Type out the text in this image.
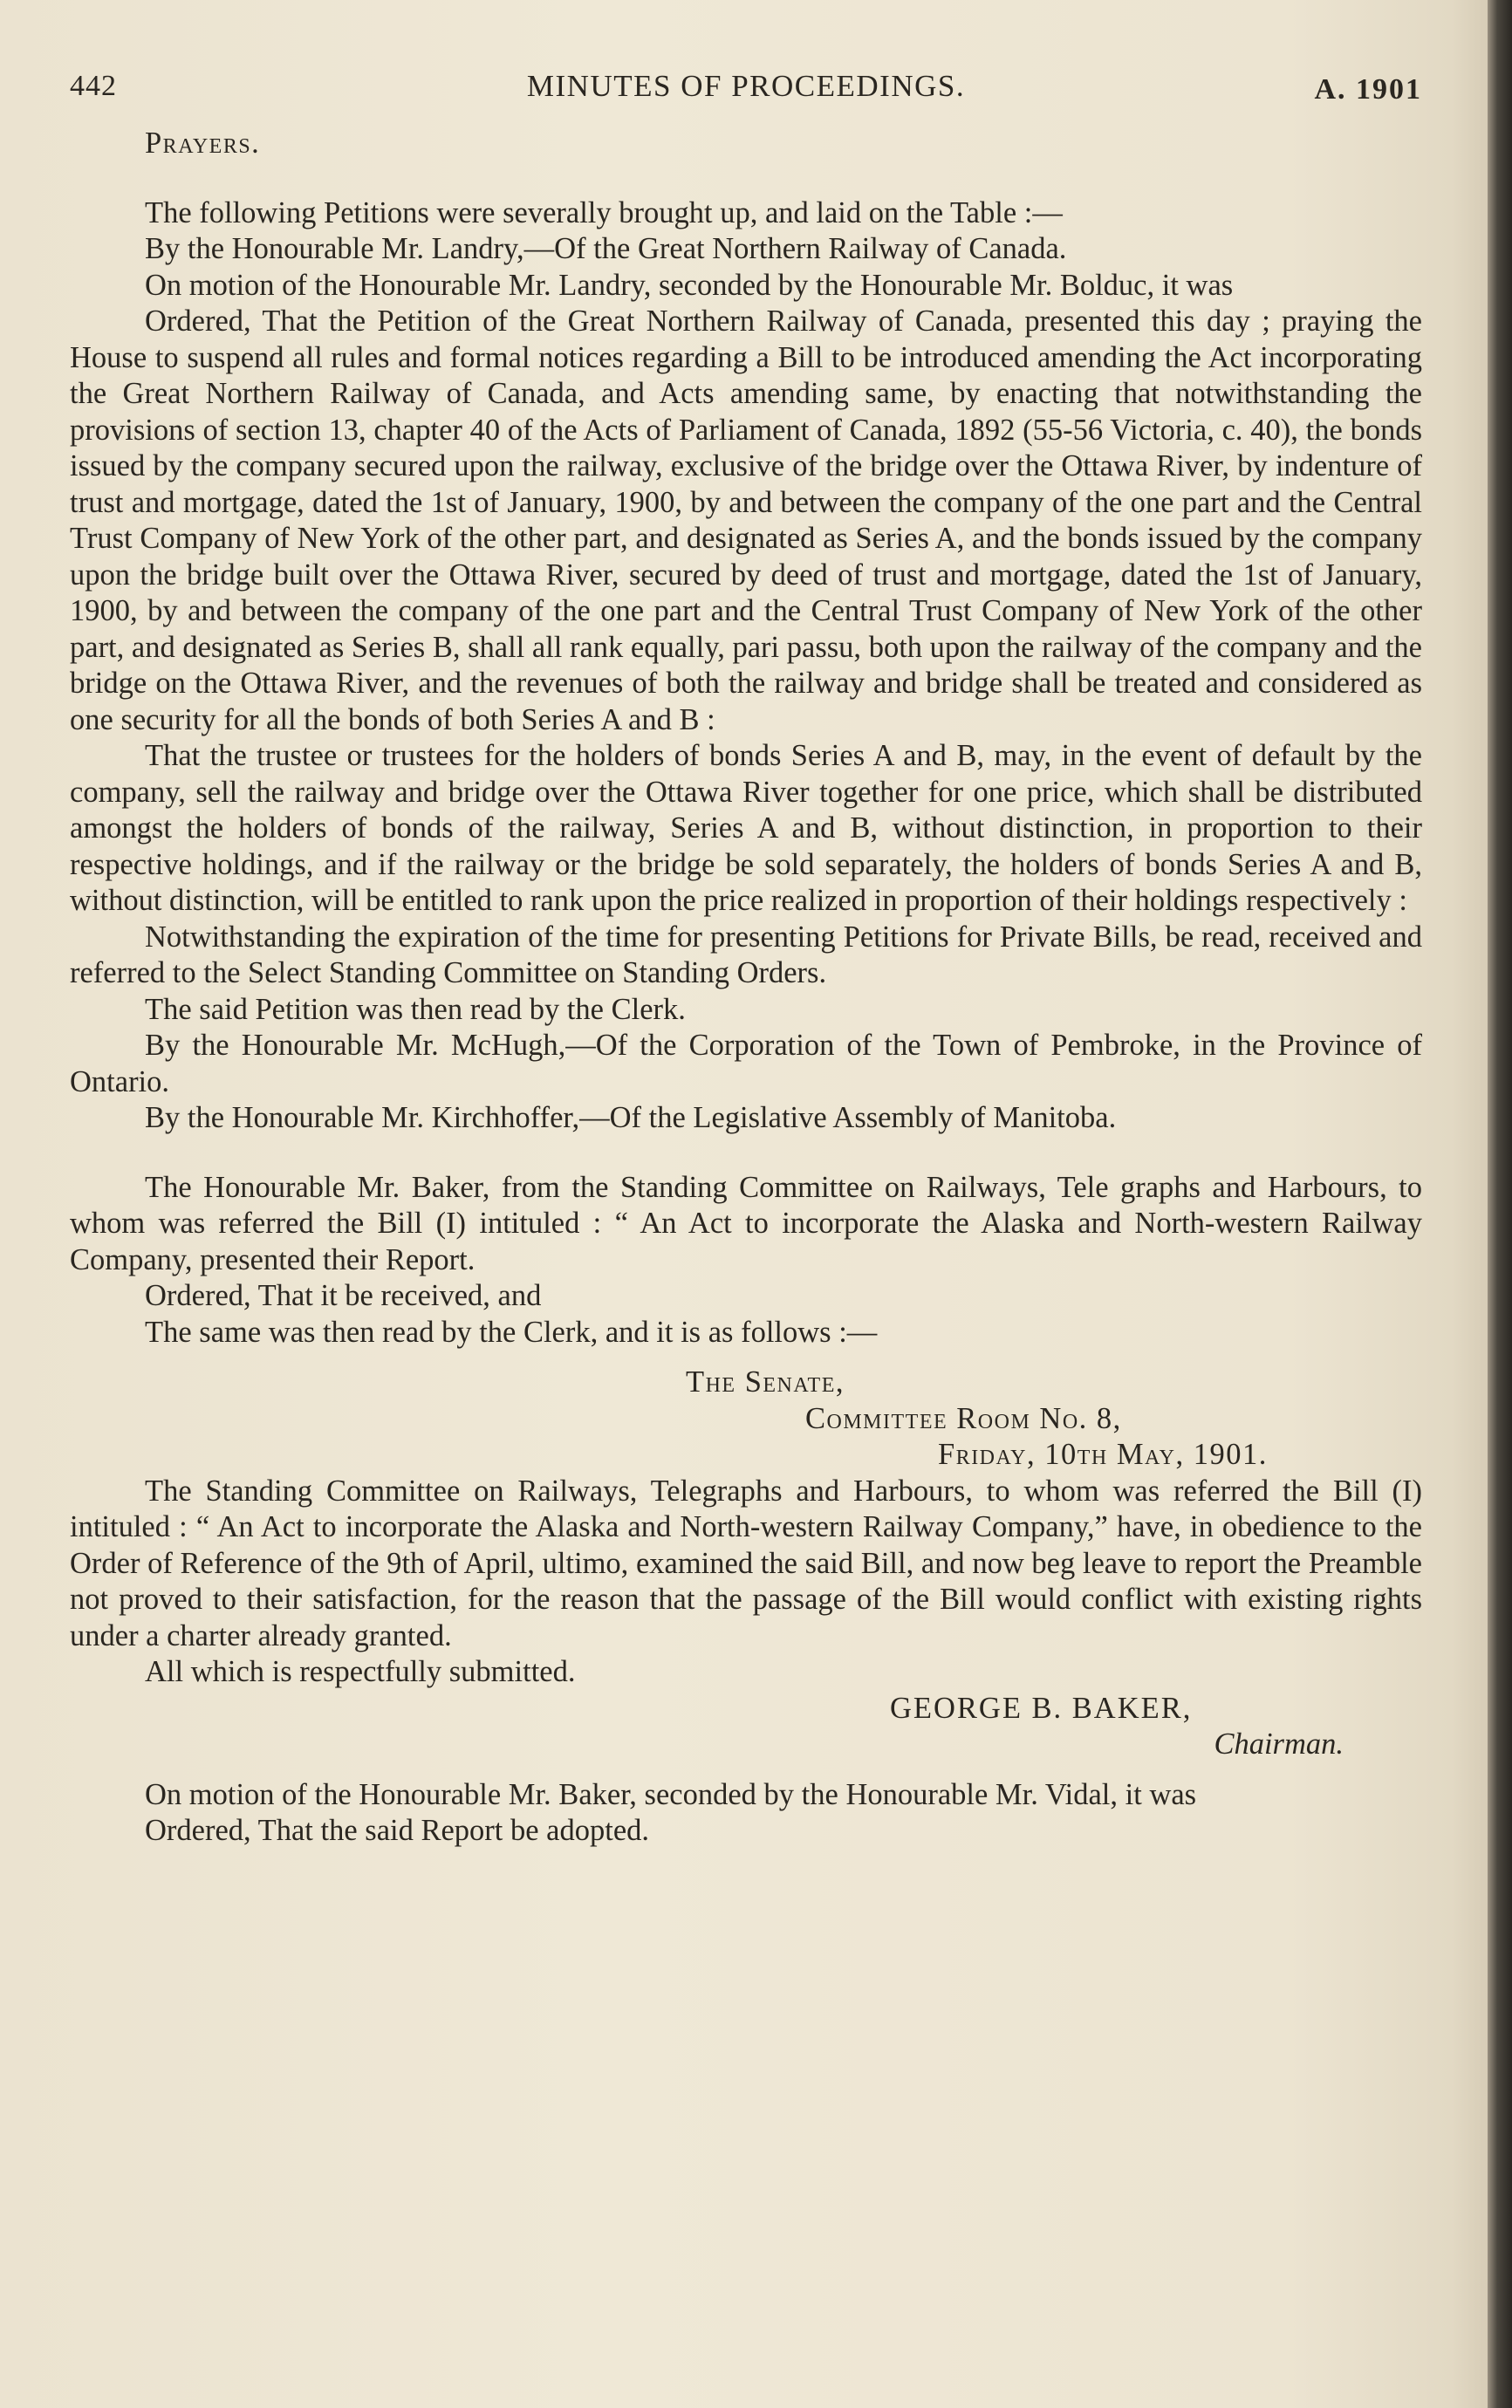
442	MINUTES OF PROCEEDINGS.	A. 1901

Prayers.

The following Petitions were severally brought up, and laid on the Table :—

By the Honourable Mr. Landry,—Of the Great Northern Railway of Canada.

On motion of the Honourable Mr. Landry, seconded by the Honourable Mr. Bolduc, it was

Ordered, That the Petition of the Great Northern Railway of Canada, presented this day ; praying the House to suspend all rules and formal notices regarding a Bill to be introduced amending the Act incorporating the Great Northern Railway of Canada, and Acts amending same, by enacting that notwithstanding the provisions of section 13, chapter 40 of the Acts of Parliament of Canada, 1892 (55-56 Victoria, c. 40), the bonds issued by the company secured upon the railway, exclusive of the bridge over the Ottawa River, by indenture of trust and mortgage, dated the 1st of January, 1900, by and between the company of the one part and the Central Trust Company of New York of the other part, and designated as Series A, and the bonds issued by the company upon the bridge built over the Ottawa River, secured by deed of trust and mortgage, dated the 1st of January, 1900, by and between the company of the one part and the Central Trust Company of New York of the other part, and designated as Series B, shall all rank equally, pari passu, both upon the railway of the company and the bridge on the Ottawa River, and the revenues of both the railway and bridge shall be treated and considered as one security for all the bonds of both Series A and B :

That the trustee or trustees for the holders of bonds Series A and B, may, in the event of default by the company, sell the railway and bridge over the Ottawa River together for one price, which shall be distributed amongst the holders of bonds of the railway, Series A and B, without distinction, in proportion to their respective holdings, and if the railway or the bridge be sold separately, the holders of bonds Series A and B, without distinction, will be entitled to rank upon the price realized in proportion of their holdings respectively :

Notwithstanding the expiration of the time for presenting Petitions for Private Bills, be read, received and referred to the Select Standing Committee on Standing Orders.

The said Petition was then read by the Clerk.

By the Honourable Mr. McHugh,—Of the Corporation of the Town of Pembroke, in the Province of Ontario.

By the Honourable Mr. Kirchhoffer,—Of the Legislative Assembly of Manitoba.

The Honourable Mr. Baker, from the Standing Committee on Railways, Tele graphs and Harbours, to whom was referred the Bill (I) intituled : “ An Act to incorporate the Alaska and North-western Railway Company, presented their Report.

Ordered, That it be received, and

The same was then read by the Clerk, and it is as follows :—

The Senate,

Committee Room No. 8,

Friday, 10th May, 1901.

The Standing Committee on Railways, Telegraphs and Harbours, to whom was referred the Bill (I) intituled : “ An Act to incorporate the Alaska and North-western Railway Company,” have, in obedience to the Order of Reference of the 9th of April, ultimo, examined the said Bill, and now beg leave to report the Preamble not proved to their satisfaction, for the reason that the passage of the Bill would conflict with existing rights under a charter already granted.

All which is respectfully submitted.

GEORGE B. BAKER,

Chairman.

On motion of the Honourable Mr. Baker, seconded by the Honourable Mr. Vidal, it was

Ordered, That the said Report be adopted.
